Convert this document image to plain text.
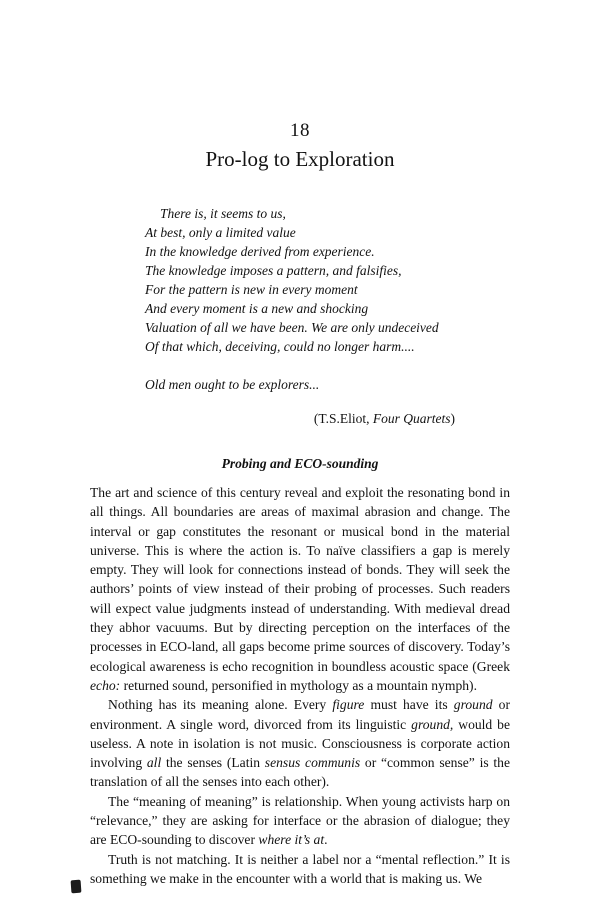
18
Pro-log to Exploration
There is, it seems to us,
At best, only a limited value
In the knowledge derived from experience.
The knowledge imposes a pattern, and falsifies,
For the pattern is new in every moment
And every moment is a new and shocking
Valuation of all we have been. We are only undeceived
Of that which, deceiving, could no longer harm....
Old men ought to be explorers...
(T.S.Eliot, Four Quartets)
Probing and ECO-sounding

The art and science of this century reveal and exploit the resonating bond in all things. All boundaries are areas of maximal abrasion and change. The interval or gap constitutes the resonant or musical bond in the material universe. This is where the action is. To naïve classifiers a gap is merely empty. They will look for connections instead of bonds. They will seek the authors’ points of view instead of their probing of processes. Such readers will expect value judgments instead of understanding. With medieval dread they abhor vacuums. But by directing perception on the interfaces of the processes in ECO-land, all gaps become prime sources of discovery. Today’s ecological awareness is echo recognition in boundless acoustic space (Greek echo: returned sound, personified in mythology as a mountain nymph).

Nothing has its meaning alone. Every figure must have its ground or environment. A single word, divorced from its linguistic ground, would be useless. A note in isolation is not music. Consciousness is corporate action involving all the senses (Latin sensus communis or “common sense” is the translation of all the senses into each other).

The “meaning of meaning” is relationship. When young activists harp on “relevance,” they are asking for interface or the abrasion of dialogue; they are ECO-sounding to discover where it’s at.

Truth is not matching. It is neither a label nor a “mental reflection.” It is something we make in the encounter with a world that is making us. We
